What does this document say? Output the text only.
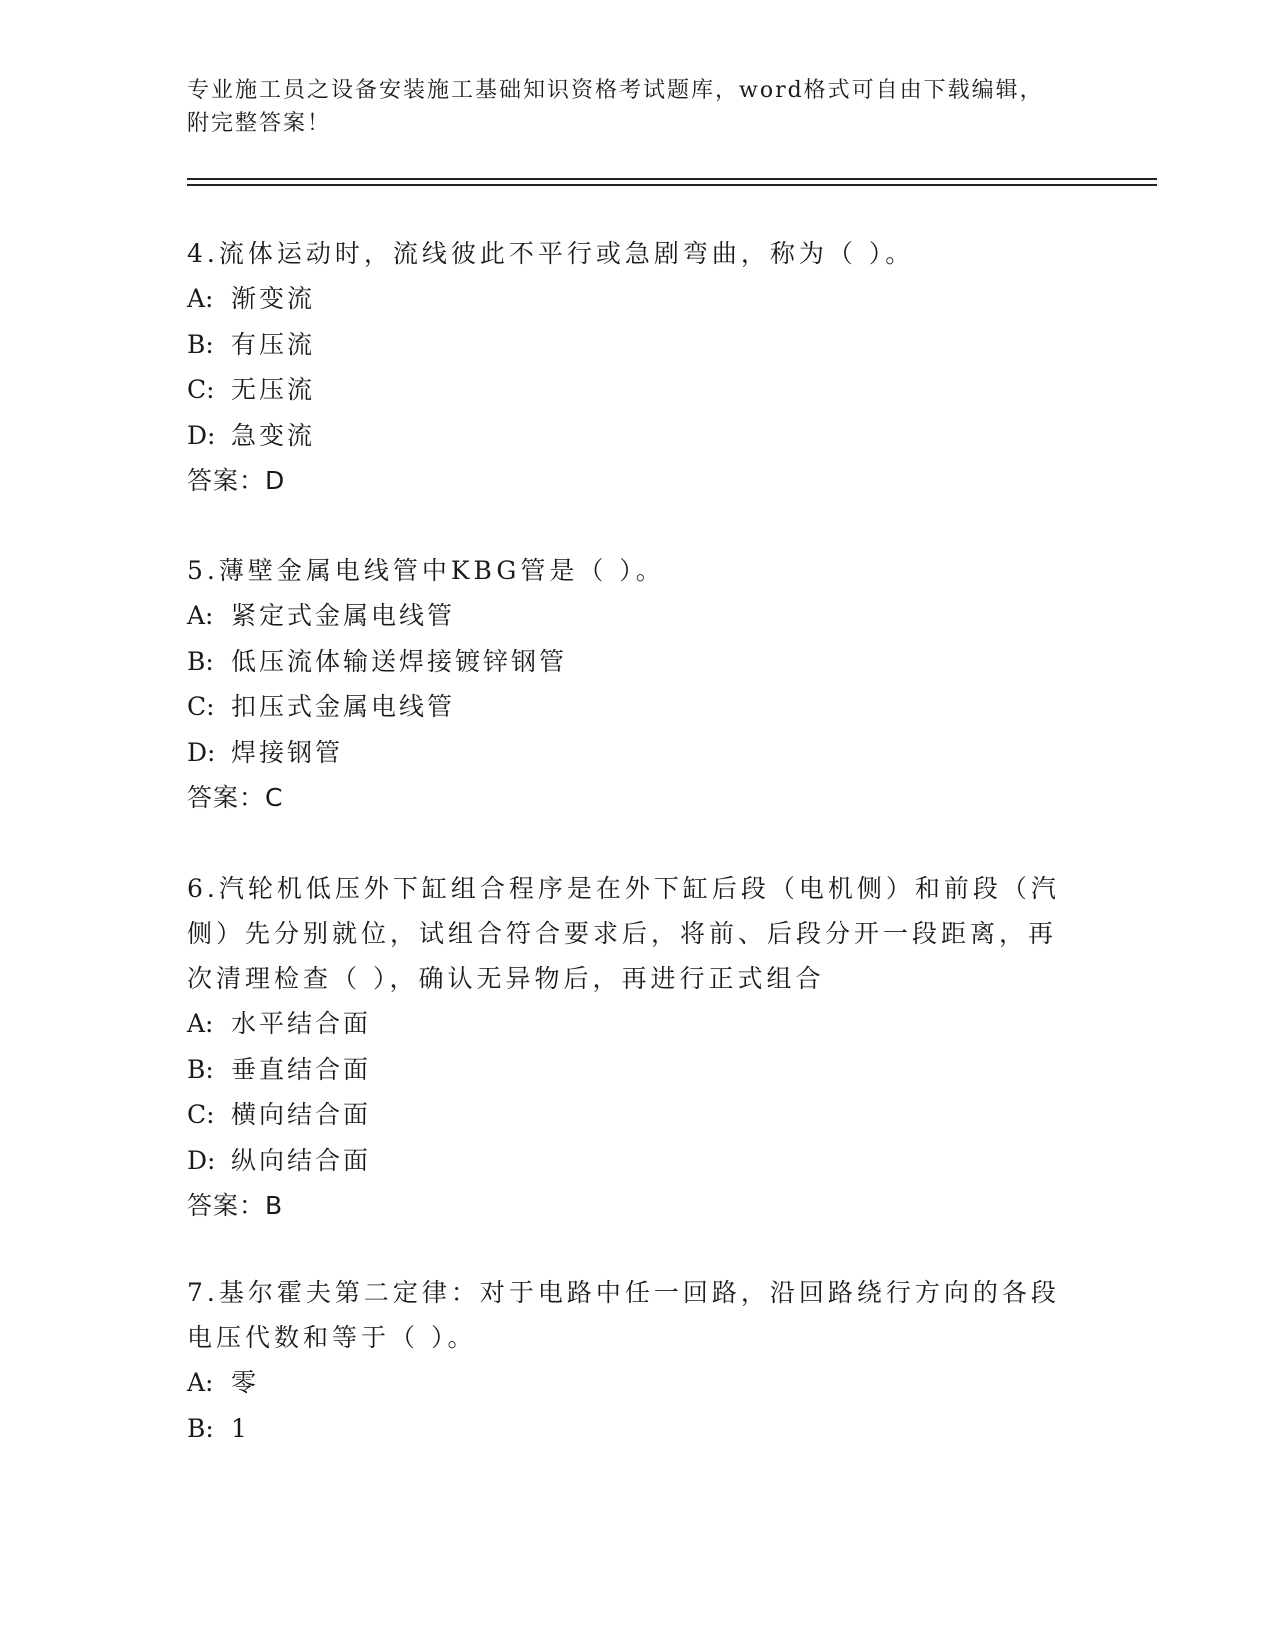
专业施工员之设备安装施工基础知识资格考试题库，word格式可自由下载编辑，附完整答案！

4.流体运动时，流线彼此不平行或急剧弯曲，称为（ ）。

A: 渐变流

B: 有压流

C: 无压流

D: 急变流

答案：D

5.薄壁金属电线管中KBG管是（ ）。

A: 紧定式金属电线管

B: 低压流体输送焊接镀锌钢管

C: 扣压式金属电线管

D: 焊接钢管

答案：C

6.汽轮机低压外下缸组合程序是在外下缸后段（电机侧）和前段（汽侧）先分别就位，试组合符合要求后，将前、后段分开一段距离，再次清理检查（ ），确认无异物后，再进行正式组合

A: 水平结合面

B: 垂直结合面

C: 横向结合面

D: 纵向结合面

答案：B

7.基尔霍夫第二定律：对于电路中任一回路，沿回路绕行方向的各段电压代数和等于（ ）。

A: 零

B: 1
